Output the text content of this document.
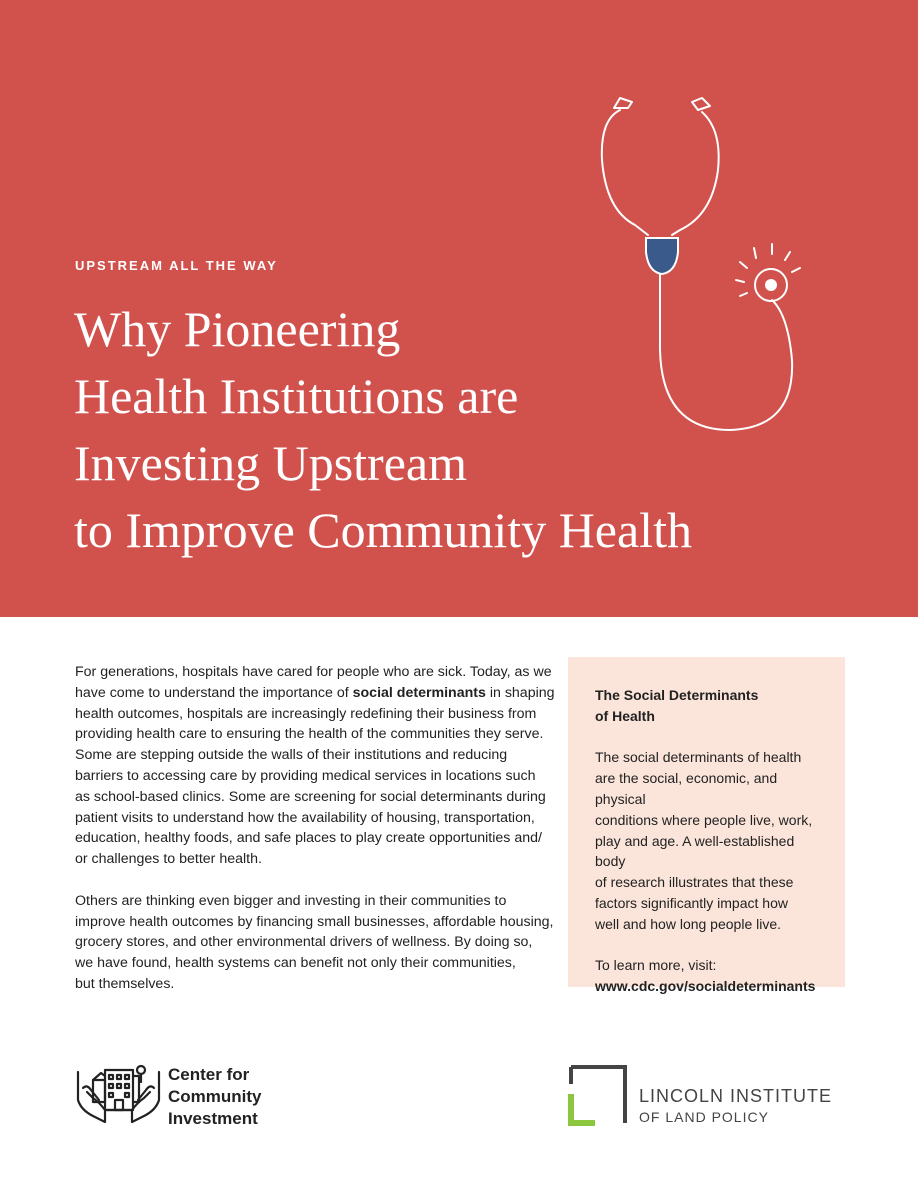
UPSTREAM ALL THE WAY
Why Pioneering
Health Institutions are
Investing Upstream
to Improve Community Health

For generations, hospitals have cared for people who are sick. Today, as we
have come to understand the importance of social determinants in shaping
health outcomes, hospitals are increasingly redefining their business from
providing health care to ensuring the health of the communities they serve.
Some are stepping outside the walls of their institutions and reducing
barriers to accessing care by providing medical services in locations such
as school-based clinics. Some are screening for social determinants during
patient visits to understand how the availability of housing, transportation,
education, healthy foods, and safe places to play create opportunities and/
or challenges to better health.

Others are thinking even bigger and investing in their communities to
improve health outcomes by financing small businesses, affordable housing,
grocery stores, and other environmental drivers of wellness. By doing so,
we have found, health systems can benefit not only their communities,
but themselves.

The Social Determinants
of Health

The social determinants of health
are the social, economic, and physical
conditions where people live, work,
play and age. A well-established body
of research illustrates that these
factors significantly impact how
well and how long people live.

To learn more, visit:
www.cdc.gov/socialdeterminants
Center for
Community
Investment
LINCOLN INSTITUTE
OF LAND POLICY
